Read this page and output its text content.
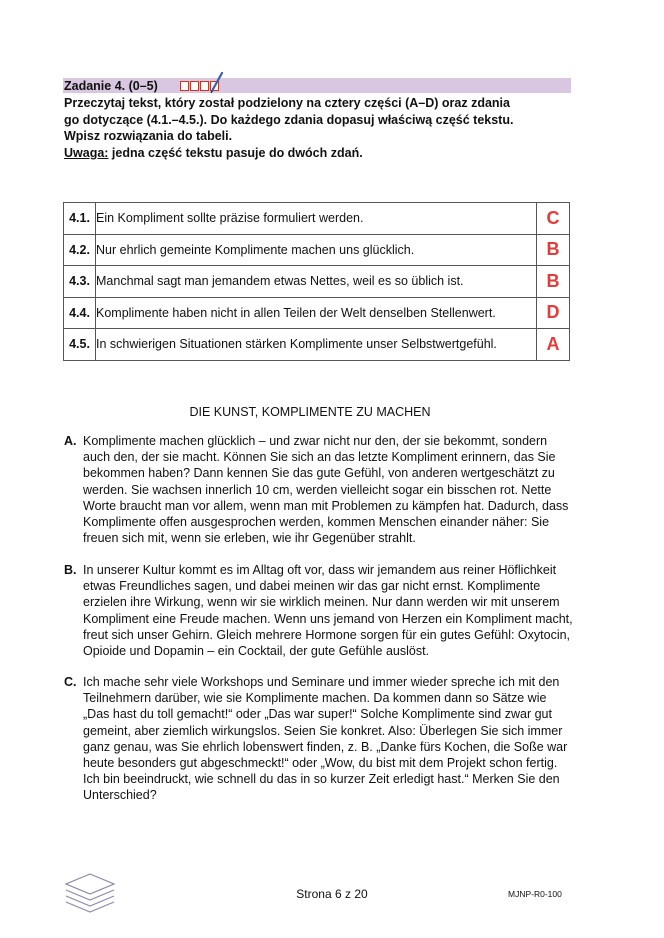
Zadanie 4. (0–5)
Przeczytaj tekst, który został podzielony na cztery części (A–D) oraz zdania
go dotyczące (4.1.–4.5.). Do każdego zdania dopasuj właściwą część tekstu.
Wpisz rozwiązania do tabeli.
Uwaga: jedna część tekstu pasuje do dwóch zdań.
4.1.	Ein Kompliment sollte präzise formuliert werden.	C
4.2.	Nur ehrlich gemeinte Komplimente machen uns glücklich.	B
4.3.	Manchmal sagt man jemandem etwas Nettes, weil es so üblich ist.	B
4.4.	Komplimente haben nicht in allen Teilen der Welt denselben Stellenwert.	D
4.5.	In schwierigen Situationen stärken Komplimente unser Selbstwertgefühl.	A
DIE KUNST, KOMPLIMENTE ZU MACHEN
A. Komplimente machen glücklich – und zwar nicht nur den, der sie bekommt, sondern auch den, der sie macht. Können Sie sich an das letzte Kompliment erinnern, das Sie bekommen haben? Dann kennen Sie das gute Gefühl, von anderen wertgeschätzt zu werden. Sie wachsen innerlich 10 cm, werden vielleicht sogar ein bisschen rot. Nette Worte braucht man vor allem, wenn man mit Problemen zu kämpfen hat. Dadurch, dass Komplimente offen ausgesprochen werden, kommen Menschen einander näher: Sie freuen sich mit, wenn sie erleben, wie ihr Gegenüber strahlt.
B. In unserer Kultur kommt es im Alltag oft vor, dass wir jemandem aus reiner Höflichkeit etwas Freundliches sagen, und dabei meinen wir das gar nicht ernst. Komplimente erzielen ihre Wirkung, wenn wir sie wirklich meinen. Nur dann werden wir mit unserem Kompliment eine Freude machen. Wenn uns jemand von Herzen ein Kompliment macht, freut sich unser Gehirn. Gleich mehrere Hormone sorgen für ein gutes Gefühl: Oxytocin, Opioide und Dopamin – ein Cocktail, der gute Gefühle auslöst.
C. Ich mache sehr viele Workshops und Seminare und immer wieder spreche ich mit den Teilnehmern darüber, wie sie Komplimente machen. Da kommen dann so Sätze wie „Das hast du toll gemacht!“ oder „Das war super!“ Solche Komplimente sind zwar gut gemeint, aber ziemlich wirkungslos. Seien Sie konkret. Also: Überlegen Sie sich immer ganz genau, was Sie ehrlich lobenswert finden, z. B. „Danke fürs Kochen, die Soße war heute besonders gut abgeschmeckt!“ oder „Wow, du bist mit dem Projekt schon fertig. Ich bin beeindruckt, wie schnell du das in so kurzer Zeit erledigt hast.“ Merken Sie den Unterschied?
Strona 6 z 20	MJNP-R0-100
